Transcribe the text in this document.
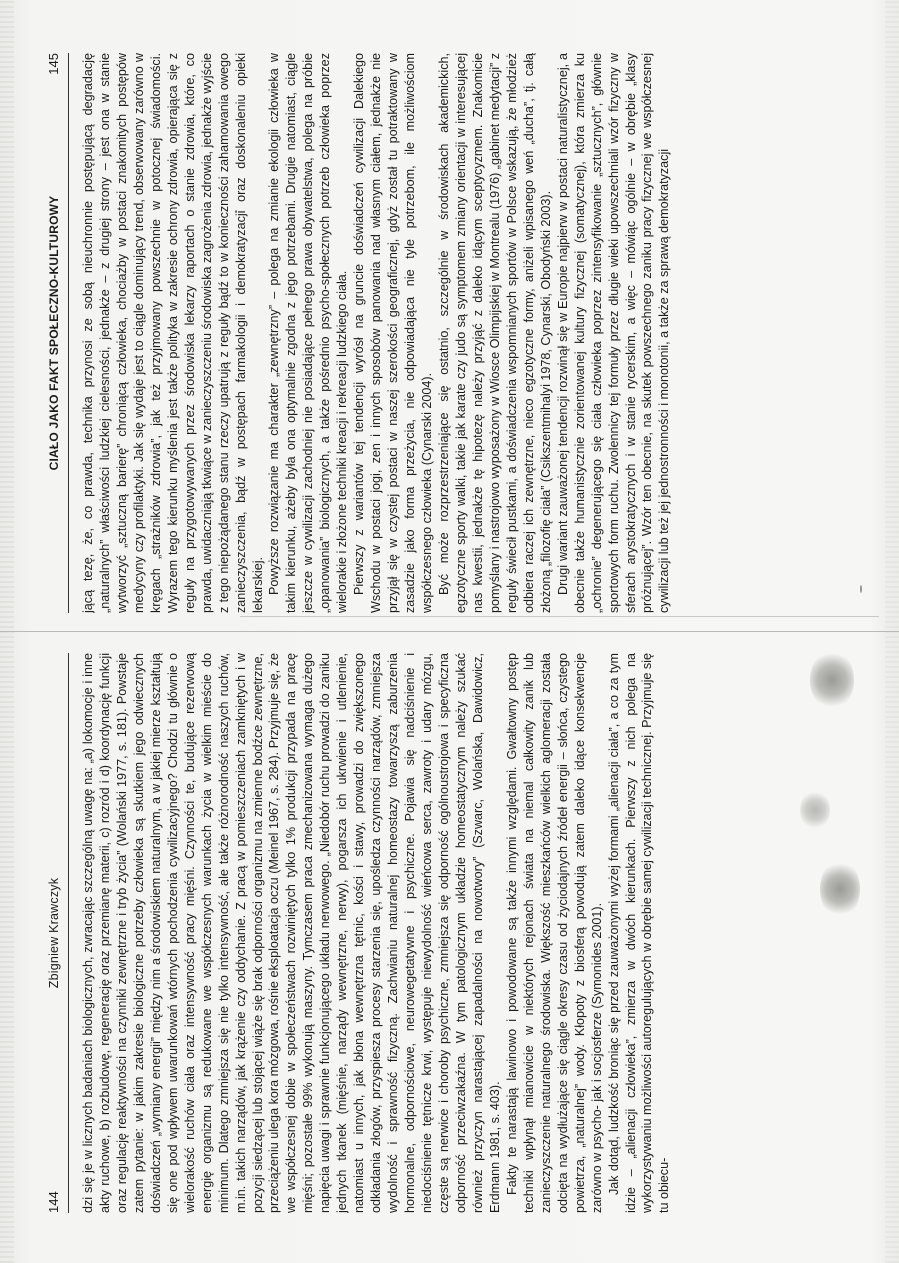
144
Zbigniew Krawczyk dzi się je w licznych badaniach biologicznych, zwracając szczególną uwagę na: „a) lokomocje i inne akty ruchowe, b) rozbudowę, regenerację oraz przemianę materii, c) rozród i d) koordynację funkcji oraz regulację reaktywności na czynniki zewnętrzne i tryb życia” (Wolański 1977, s. 181). Powstaje zatem pytanie: w jakim zakresie biologiczne potrzeby człowieka są skutkiem jego odwiecznych doświadczeń „wymiany energii” między nim a środowiskiem naturalnym, a w jakiej mierze kształtują się one pod wpływem uwarunkowań wtórnych pochodzenia cywilizacyjnego? Chodzi tu głównie o wielorakość ruchów ciała oraz intensywność pracy mięśni. Czynności te, budujące rezerwową energię organizmu są redukowane we współczesnych warunkach życia w wielkim mieście do minimum. Dlatego zmniejsza się nie tylko intensywność, ale także różnorodność naszych ruchów, m.in. takich narządów, jak krążenie czy oddychanie. Z pracą w pomieszczeniach zamkniętych i w pozycji siedzącej lub stojącej wiąże się brak odporności organizmu na zmienne bodźce zewnętrzne, przeciążeniu ulega kora mózgowa, rośnie eksploatacja oczu (Meinel 1967, s. 284). Przyjmuje się, że we współczesnej dobie w społeczeństwach rozwiniętych tylko 1% produkcji przypada na pracę mięśni; pozostałe 99% wykonują maszyny. Tymczasem praca zmechanizowana wymaga dużego napięcia uwagi i sprawnie funkcjonującego układu nerwowego. „Niedobór ruchu prowadzi do zaniku jednych tkanek (mięśnie, narządy wewnętrzne, nerwy), pogarsza ich ukrwienie i utlenienie, natomiast u innych, jak błona wewnętrzna tętnic, kości i stawy, prowadzi do zwiększonego odkładania złogów, przyspiesza procesy starzenia się, upośledza czynności narządów, zmniejsza wydolność i sprawność fizyczną. Zachwianiu naturalnej homeostazy towarzyszą zaburzenia hormonalne, odpornościowe, neurowegetatywne i psychiczne. Pojawia się nadciśnienie i niedociśnienie tętnicze krwi, występuje niewydolność wieńcowa serca, zawroty i udary mózgu, częste są nerwice i choroby psychiczne, zmniejsza się odporność ogólnoustrojowa i specyficzna odporność przeciwzakaźna. W tym patologicznym układzie homeostatycznym należy szukać również przyczyn narastającej zapadalności na nowotwory” (Szwarc, Wolańska, Dawidowicz, Erdmann 1981, s. 403). Fakty te narastają lawinowo i powodowane są także innymi względami. Gwałtowny postęp techniki wpłynął mianowicie w niektórych rejonach świata na niemal całkowity zanik lub zanieczyszczenie naturalnego środowiska. Większość mieszkańców wielkich aglomeracji została odcięta na wydłużające się ciągle okresy czasu od życiodajnych źródeł energii – słońca, czystego powietrza, „naturalnej” wody. Kłopoty z biosferą powodują zatem daleko idące konsekwencje zarówno w psycho- jak i socjosferze (Symonides 2001). Jak dotąd, ludzkość broniąc się przed zauważonymi wyżej formami „alienacji ciała”, a co za tym idzie – „alienacji człowieka”, zmierza w dwóch kierunkach. Pierwszy z nich polega na wykorzystywaniu możliwości autoregulujących w obrębie samej cywilizacji technicznej. Przyjmuje się tu obiecu-

CIAŁO JAKO FAKT SPOŁECZNO-KULTUROWY
145 jącą tezę, że, co prawda, technika przynosi ze sobą nieuchronnie postępującą degradację „naturalnych” właściwości ludzkiej cielesności, jednakże – z drugiej strony – jest ona w stanie wytworzyć „sztuczną barierę” chroniącą człowieka, chociażby w postaci znakomitych postępów medycyny czy profilaktyki. Jak się wydaje jest to ciągle dominujący trend, obserwowany zarówno w kręgach „strażników zdrowia”, jak też przyjmowany powszechnie w potocznej świadomości. Wyrazem tego kierunku myślenia jest także polityka w zakresie ochrony zdrowia, opierająca się z reguły na przygotowywanych przez środowiska lekarzy raportach o stanie zdrowia, które, co prawda, uwidaczniają tkwiące w zanieczyszczeniu środowiska zagrożenia zdrowia, jednakże wyjście z tego niepożądanego stanu rzeczy upatrują z reguły bądź to w konieczności zahamowania owego zanieczyszczenia, bądź w postępach farmakologii i demokratyzacji oraz doskonaleniu opieki lekarskiej. Powyższe rozwiązanie ma charakter „zewnętrzny” – polega na zmianie ekologii człowieka w takim kierunku, ażeby była ona optymalnie zgodna z jego potrzebami. Drugie natomiast, ciągle jeszcze w cywilizacji zachodniej nie posiadające pełnego prawa obywatelstwa, polega na próbie „opanowania” biologicznych, a także pośrednio psycho-społecznych potrzeb człowieka poprzez wielorakie i złożone techniki kreacji i rekreacji ludzkiego ciała. Pierwszy z wariantów tej tendencji wyrósł na gruncie doświadczeń cywilizacji Dalekiego Wschodu w postaci jogi, zen i innych sposobów panowania nad własnym ciałem, jednakże nie przyjął się w czystej postaci w naszej szerokości geograficznej, gdyż został tu potraktowany w zasadzie jako forma przeżycia, nie odpowiadająca nie tyle potrzebom, ile możliwościom współczesnego człowieka (Cynarski 2004). Być może rozprzestrzeniające się ostatnio, szczególnie w środowiskach akademickich, egzotyczne sporty walki, takie jak karate czy judo są symptomem zmiany orientacji w interesującej nas kwestii, jednakże tę hipotezę należy przyjąć z daleko idącym sceptycyzmem. Znakomicie pomyślany i nastrojowo wyposażony w Wiosce Olimpijskiej w Montrealu (1976) „gabinet medytacji” z reguły świecił pustkami, a doświadczenia wspomnianych sportów w Polsce wskazują, że młodzież odbiera raczej ich zewnętrzne, nieco egzotyczne formy, aniżeli wpisanego weń „ducha”, tj. całą złożoną „filozofię ciała” (Csikszentmihalyi 1978, Cynarski, Obodyński 2003). Drugi wariant zauważonej tendencji rozwinął się w Europie najpierw w postaci naturalistycznej, a obecnie także humanistycznie zorientowanej kultury fizycznej (somatycznej), która zmierza ku „ochronie” degenerującego się ciała człowieka poprzez zintensyfikowanie „sztucznych”, głównie sportowych form ruchu. Zwolennicy tej formuły przez długie wieki upowszechniali wzór fizyczny w sferach arystokratycznych i w stanie rycerskim, a więc – mówiąc ogólnie – w obrębie „klasy próżnującej”. Wzór ten obecnie, na skutek powszechnego zaniku pracy fizycznej we współczesnej cywilizacji lub też jej jednostronności i monotonii, a także za sprawą demokratyzacji
